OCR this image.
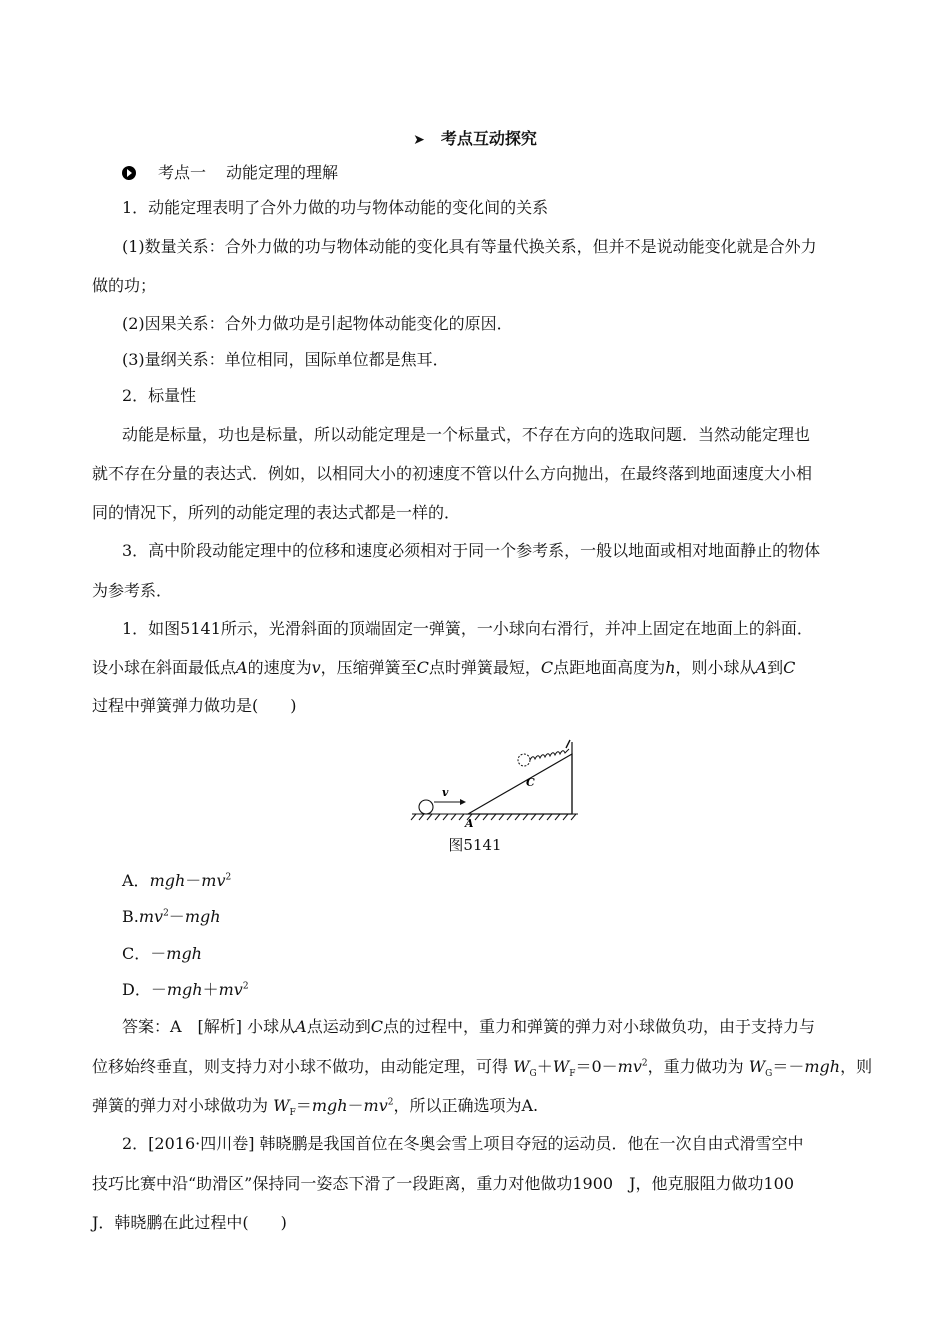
➤ 考点互动探究
考点一 动能定理的理解
1．动能定理表明了合外力做的功与物体动能的变化间的关系
(1)数量关系：合外力做的功与物体动能的变化具有等量代换关系，但并不是说动能变化就是合外力
做的功；
(2)因果关系：合外力做功是引起物体动能变化的原因．
(3)量纲关系：单位相同，国际单位都是焦耳．
2．标量性
动能是标量，功也是标量，所以动能定理是一个标量式，不存在方向的选取问题．当然动能定理也
就不存在分量的表达式．例如，以相同大小的初速度不管以什么方向抛出，在最终落到地面速度大小相
同的情况下，所列的动能定理的表达式都是一样的．
3．高中阶段动能定理中的位移和速度必须相对于同一个参考系，一般以地面或相对地面静止的物体
为参考系．
1．如图5141所示，光滑斜面的顶端固定一弹簧，一小球向右滑行，并冲上固定在地面上的斜面．
设小球在斜面最低点A的速度为v，压缩弹簧至C点时弹簧最短，C点距地面高度为h，则小球从A到C
过程中弹簧弹力做功是(　　)
v
A
C
图5141
A．$mgh-mv^2$
$B.mv^2-mgh$
C．－mgh
D．$-mgh+mv^2$
答案：A　[解析] 小球从A点运动到C点的过程中，重力和弹簧的弹力对小球做负功，由于支持力与
位移始终垂直，则支持力对小球不做功，由动能定理，可得 $W_G+W_F=0-mv^2$，重力做功为 $W_G=-mgh$，则
弹簧的弹力对小球做功为 $W_F=mgh-mv^2$，所以正确选项为A.
2．[2016·四川卷] 韩晓鹏是我国首位在冬奥会雪上项目夺冠的运动员．他在一次自由式滑雪空中
技巧比赛中沿“助滑区”保持同一姿态下滑了一段距离，重力对他做功1900　J，他克服阻力做功100
J．韩晓鹏在此过程中(　　)
